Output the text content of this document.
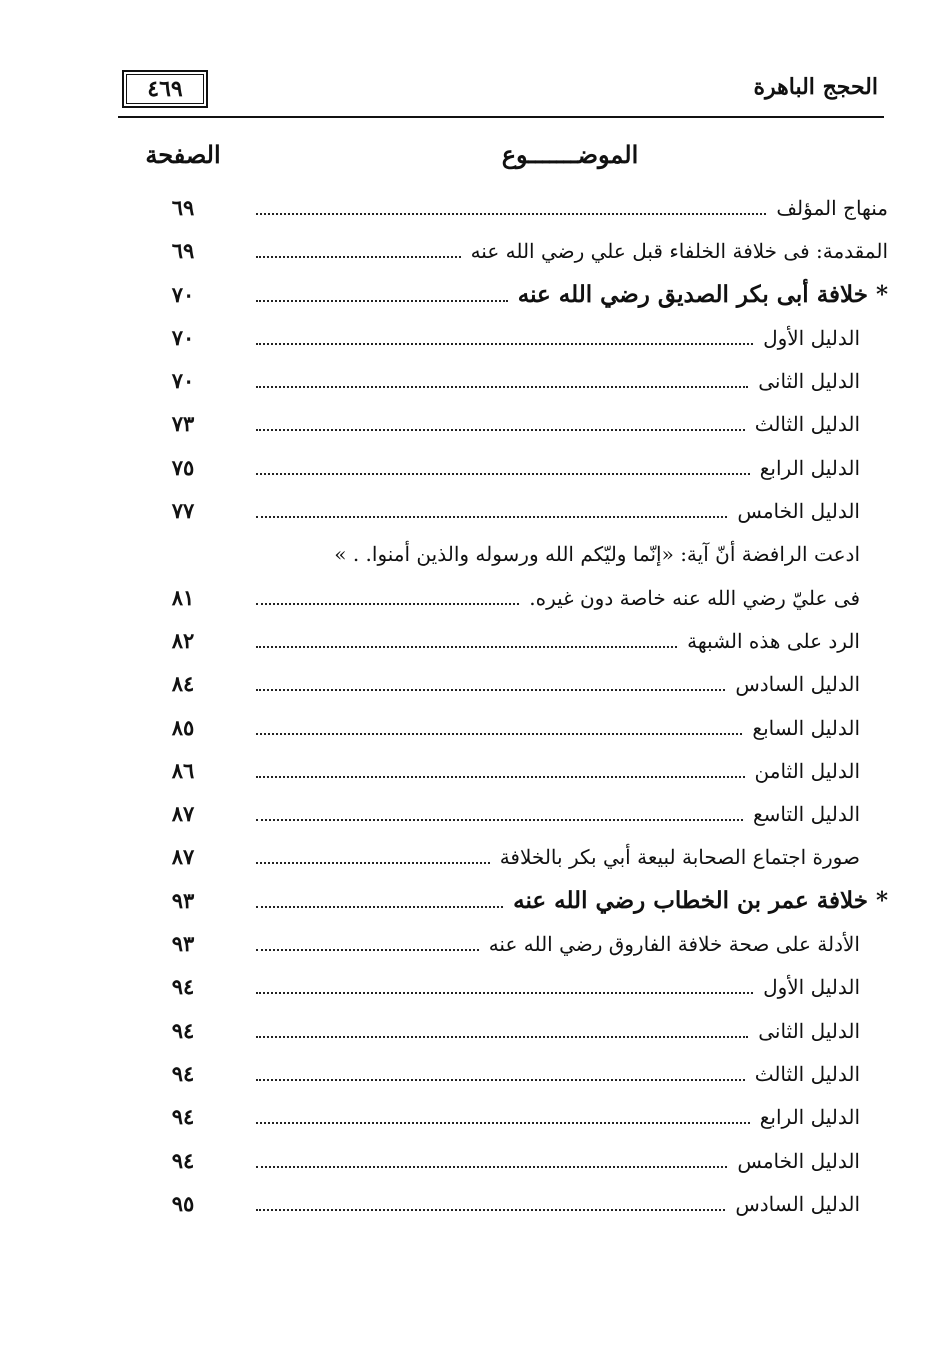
الحجج الباهرة
٤٦٩
الموضـــــــوع
الصفحة
منهاج المؤلف
٦٩
المقدمة: فى خلافة الخلفاء قبل علي رضي الله عنه
٦٩
* خلافة أبى بكر الصديق رضي الله عنه
٧٠
الدليل الأول
٧٠
الدليل الثانى
٧٠
الدليل الثالث
٧٣
الدليل الرابع
٧٥
الدليل الخامس
٧٧
ادعت الرافضة أنّ آية: «إنّما وليّكم الله ورسوله والذين أمنوا. . »
فى عليّ رضي الله عنه خاصة دون غيره.
٨١
الرد على هذه الشبهة
٨٢
الدليل السادس
٨٤
الدليل السابع
٨٥
الدليل الثامن
٨٦
الدليل التاسع
٨٧
صورة اجتماع الصحابة لبيعة أبي بكر بالخلافة
٨٧
* خلافة عمر بن الخطاب رضي الله عنه
٩٣
الأدلة على صحة خلافة الفاروق رضي الله عنه
٩٣
الدليل الأول
٩٤
الدليل الثانى
٩٤
الدليل الثالث
٩٤
الدليل الرابع
٩٤
الدليل الخامس
٩٤
الدليل السادس
٩٥
